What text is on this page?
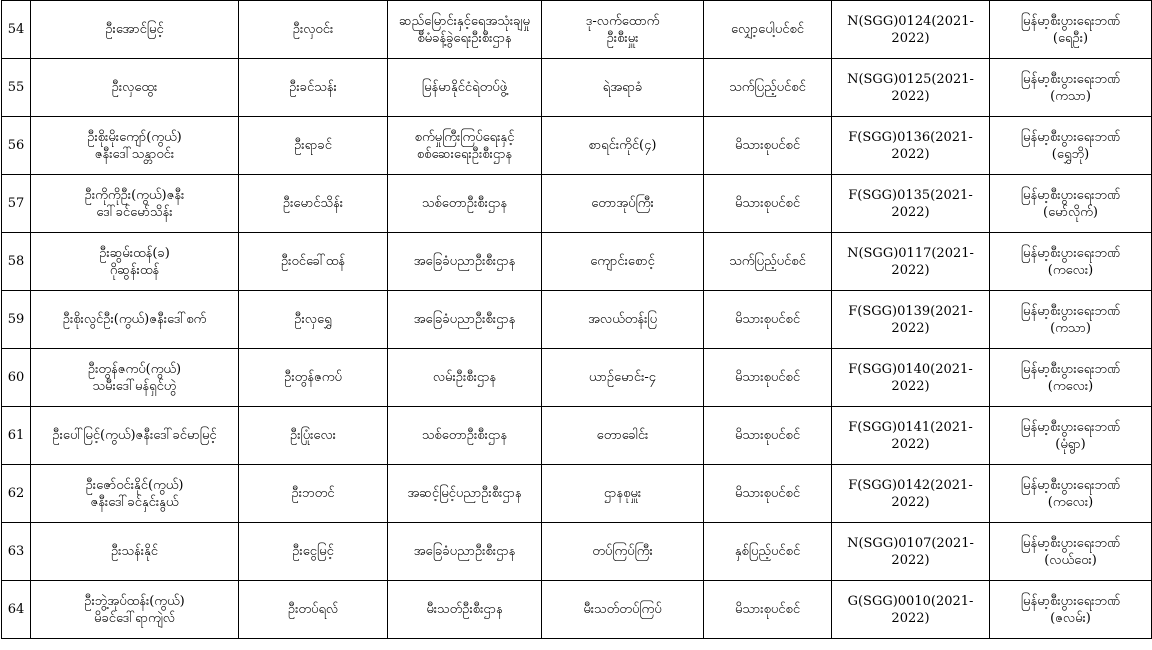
54	ဦးအောင်မြင့်	ဦးလှဝင်း	ဆည်မြောင်းနှင့်ရေအသုံးချမှု
စီမံခန့်ခွဲရေးဦးစီးဌာန	ဒု-လက်ထောက်
ဦးစီးမှူး	လျှော့ပေါ့ပင်စင်	N(SGG)0124(2021-2022)	မြန်မာ့စီးပွားရေးဘဏ်
(ရေဦး)

55	ဦးလှထွေး	ဦးခင်သန်း	မြန်မာနိုင်ငံရဲတပ်ဖွဲ့	ရဲအရာခံ	သက်ပြည့်ပင်စင်	N(SGG)0125(2021-2022)	မြန်မာ့စီးပွားရေးဘဏ်
(ကသာ)

56	ဦးစိုးမိုးကျော်(ကွယ်)
ဇနီးဒေါ်သန္တာဝင်း	ဦးရာခင်	စက်မှုကြီးကြပ်ရေးနှင့်
စစ်ဆေးရေးဦးစီးဌာန	စာရင်းကိုင်(၄)	မိသားစုပင်စင်	F(SGG)0136(2021-2022)	မြန်မာ့စီးပွားရေးဘဏ်
(ရွှေဘို)

57	ဦးကိုကိုဦး(ကွယ်)ဇနီး
ဒေါ်ခင်မော်သိန်း	ဦးမောင်သိန်း	သစ်တောဦးစီးဌာန	တောအုပ်ကြီး	မိသားစုပင်စင်	F(SGG)0135(2021-2022)	မြန်မာ့စီးပွားရေးဘဏ်
(မော်လိုက်)

58	ဦးဆွမ်းထန်(ခ)
ဂိုဆွန်းထန်	ဦးဝင်ခေါ်ထန်	အခြေခံပညာဦးစီးဌာန	ကျောင်းစောင့်	သက်ပြည့်ပင်စင်	N(SGG)0117(2021-2022)	မြန်မာ့စီးပွားရေးဘဏ်
(ကလေး)

59	ဦးစိုးလွင်ဦး(ကွယ်)ဇနီးဒေါ်စက်	ဦးလှရွှေ	အခြေခံပညာဦးစီးဌာန	အလယ်တန်းပြ	မိသားစုပင်စင်	F(SGG)0139(2021-2022)	မြန်မာ့စီးပွားရေးဘဏ်
(ကသာ)

60	ဦးတွန်ဇကပ်(ကွယ်)
သမီးဒေါ်မန်ရှင်ဟွဲ	ဦးတွန်ဇကပ်	လမ်းဦးစီးဌာန	ယာဉ်မောင်း-၄	မိသားစုပင်စင်	F(SGG)0140(2021-2022)	မြန်မာ့စီးပွားရေးဘဏ်
(ကလေး)

61	ဦးပေါ်မြင့်(ကွယ်)ဇနီးဒေါ်ခင်မာမြင့်	ဦးပြုံးလေး	သစ်တောဦးစီးဌာန	တောခေါင်း	မိသားစုပင်စင်	F(SGG)0141(2021-2022)	မြန်မာ့စီးပွားရေးဘဏ်
(မုံရွာ)

62	ဦးဇော်ဝင်းနိုင်(ကွယ်)
ဇနီးဒေါ်ခင်နှင်းနွယ်	ဦးဘတင်	အဆင့်မြင့်ပညာဦးစီးဌာန	ဌာနစုမှူး	မိသားစုပင်စင်	F(SGG)0142(2021-2022)	မြန်မာ့စီးပွားရေးဘဏ်
(ကလေး)

63	ဦးသန်းနိုင်	ဦးငွေမြင့်	အခြေခံပညာဦးစီးဌာန	တပ်ကြပ်ကြီး	နှစ်ပြည့်ပင်စင်	N(SGG)0107(2021-2022)	မြန်မာ့စီးပွားရေးဘဏ်
(လယ်ဝေး)

64	ဦးဘွဲ့အုပ်ထန်း(ကွယ်)
မိခင်ဒေါ်ရာကျဲလ်	ဦးတပ်ရလ်	မီးသတ်ဦးစီးဌာန	မီးသတ်တပ်ကြပ်	မိသားစုပင်စင်	G(SGG)0010(2021-2022)	မြန်မာ့စီးပွားရေးဘဏ်
(ဇလမ်း)
